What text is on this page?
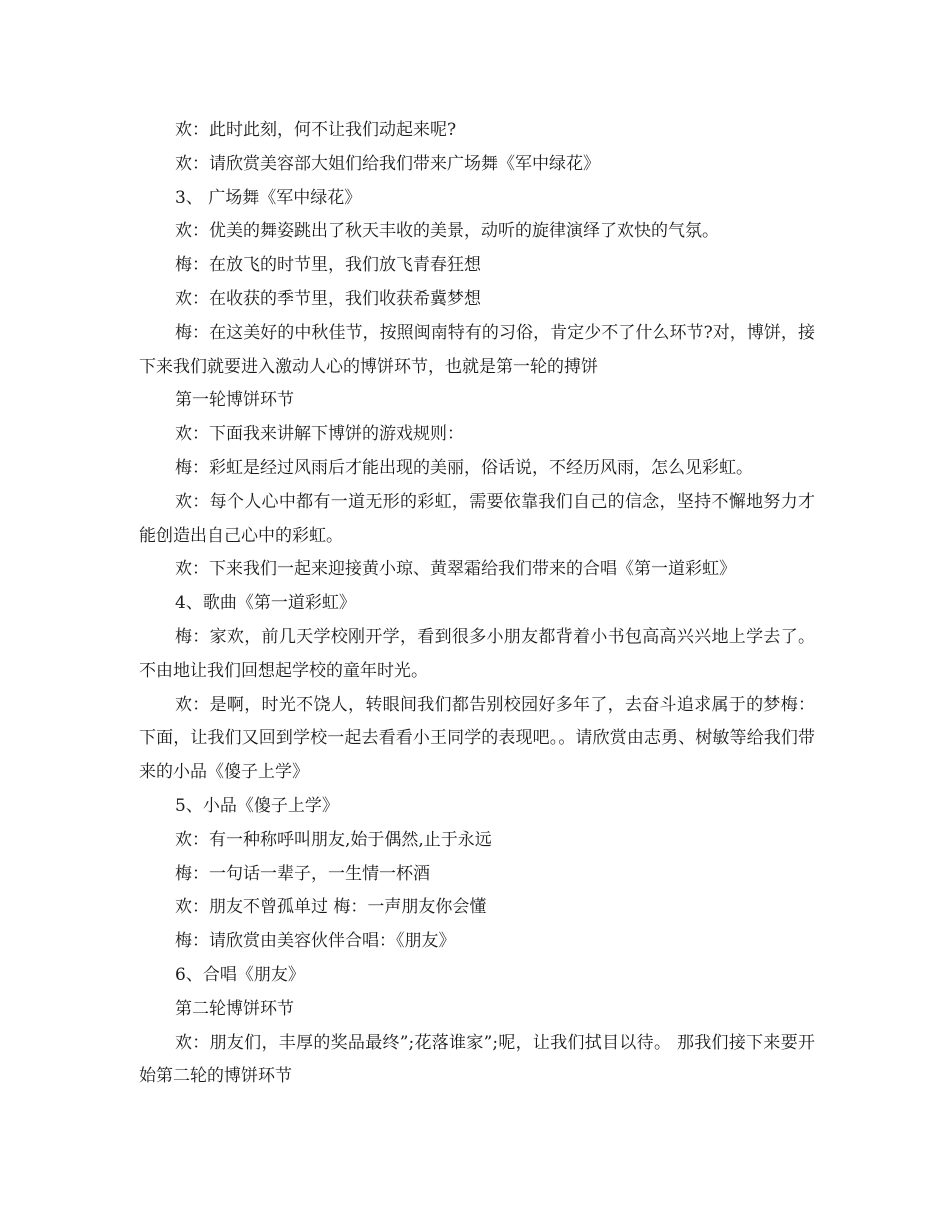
欢：此时此刻，何不让我们动起来呢?

欢：请欣赏美容部大姐们给我们带来广场舞《军中绿花》

3、 广场舞《军中绿花》

欢：优美的舞姿跳出了秋天丰收的美景，动听的旋律演绎了欢快的气氛。

梅：在放飞的时节里，我们放飞青春狂想

欢：在收获的季节里，我们收获希冀梦想

梅：在这美好的中秋佳节，按照闽南特有的习俗，肯定少不了什么环节?对，博饼，接下来我们就要进入激动人心的博饼环节，也就是第一轮的搏饼

第一轮博饼环节

欢：下面我来讲解下博饼的游戏规则：

梅：彩虹是经过风雨后才能出现的美丽，俗话说，不经历风雨，怎么见彩虹。

欢：每个人心中都有一道无形的彩虹，需要依靠我们自己的信念，坚持不懈地努力才能创造出自己心中的彩虹。

欢：下来我们一起来迎接黄小琼、黄翠霜给我们带来的合唱《第一道彩虹》

4、歌曲《第一道彩虹》

梅：家欢，前几天学校刚开学，看到很多小朋友都背着小书包高高兴兴地上学去了。不由地让我们回想起学校的童年时光。

欢：是啊，时光不饶人，转眼间我们都告别校园好多年了，去奋斗追求属于的梦梅：下面，让我们又回到学校一起去看看小王同学的表现吧。。请欣赏由志勇、树敏等给我们带来的小品《傻子上学》

5、小品《傻子上学》

欢：有一种称呼叫朋友,始于偶然,止于永远

梅：一句话一辈子，一生情一杯酒

欢：朋友不曾孤单过 梅：一声朋友你会懂

梅：请欣赏由美容伙伴合唱：《朋友》

6、合唱《朋友》

第二轮博饼环节

欢：朋友们，丰厚的奖品最终”;花落谁家”;呢，让我们拭目以待。 那我们接下来要开始第二轮的博饼环节
